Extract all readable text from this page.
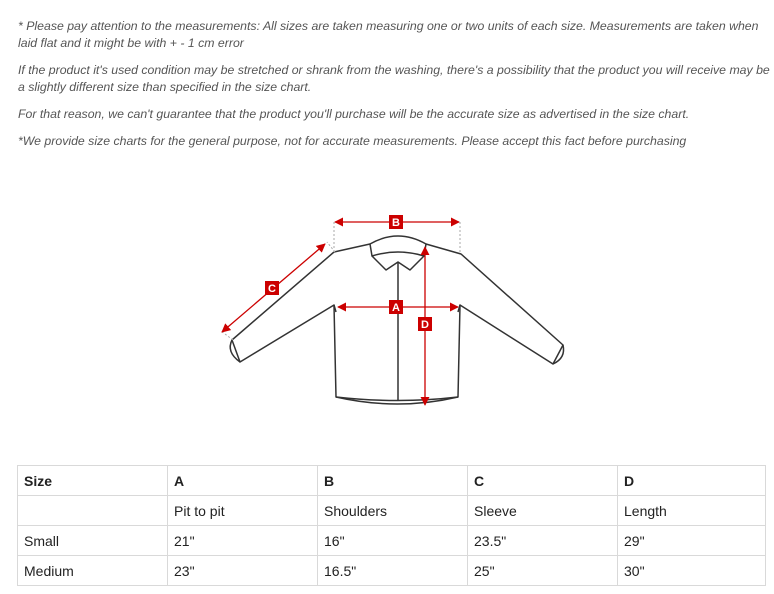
* Please pay attention to the measurements: All sizes are taken measuring one or two units of each size. Measurements are taken when laid flat and it might be with + - 1 cm error

If the product it's used condition may be stretched or shrank from the washing, there's a possibility that the product you will receive may be a slightly different size than specified in the size chart.

For that reason, we can't guarantee that the product you'll purchase will be the accurate size as advertised in the size chart.

*We provide size charts for the general purpose, not for accurate measurements. Please accept this fact before purchasing

B
C
A
D
Size	A	B	C	D
	Pit to pit	Shoulders	Sleeve	Length
Small	21"	16"	23.5"	29"
Medium	23"	16.5"	25"	30"
